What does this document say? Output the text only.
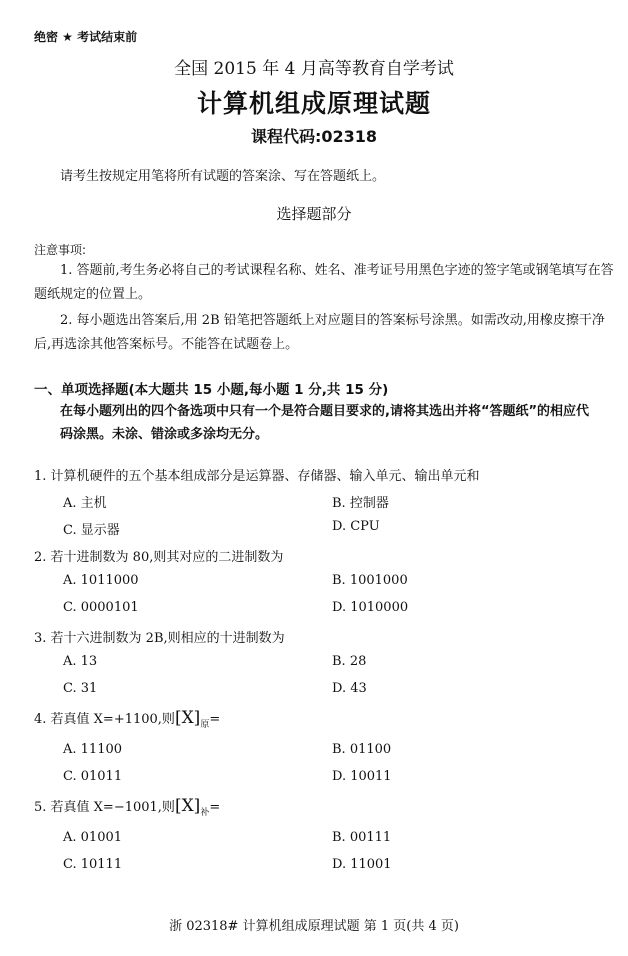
绝密 ★ 考试结束前
全国 2015 年 4 月高等教育自学考试
计算机组成原理试题
课程代码:02318
请考生按规定用笔将所有试题的答案涂、写在答题纸上。
选择题部分
注意事项:
1. 答题前,考生务必将自己的考试课程名称、姓名、准考证号用黑色字迹的签字笔或钢笔填写在答题纸规定的位置上。
2. 每小题选出答案后,用 2B 铅笔把答题纸上对应题目的答案标号涂黑。如需改动,用橡皮擦干净后,再选涂其他答案标号。不能答在试题卷上。
一、单项选择题(本大题共 15 小题,每小题 1 分,共 15 分)
在每小题列出的四个备选项中只有一个是符合题目要求的,请将其选出并将“答题纸”的相应代码涂黑。未涂、错涂或多涂均无分。
1. 计算机硬件的五个基本组成部分是运算器、存储器、输入单元、输出单元和
A. 主机	B. 控制器
C. 显示器	D. CPU
2. 若十进制数为 80,则其对应的二进制数为
A. 1011000	B. 1001000
C. 0000101	D. 1010000
3. 若十六进制数为 2B,则相应的十进制数为
A. 13	B. 28
C. 31	D. 43
4. 若真值 X=+1100,则$[X]_原=$
A. 11100	B. 01100
C. 01011	D. 10011
5. 若真值 X=−1001,则$[X]_补=$
A. 01001	B. 00111
C. 10111	D. 11001
浙 02318# 计算机组成原理试题 第 1 页(共 4 页)
